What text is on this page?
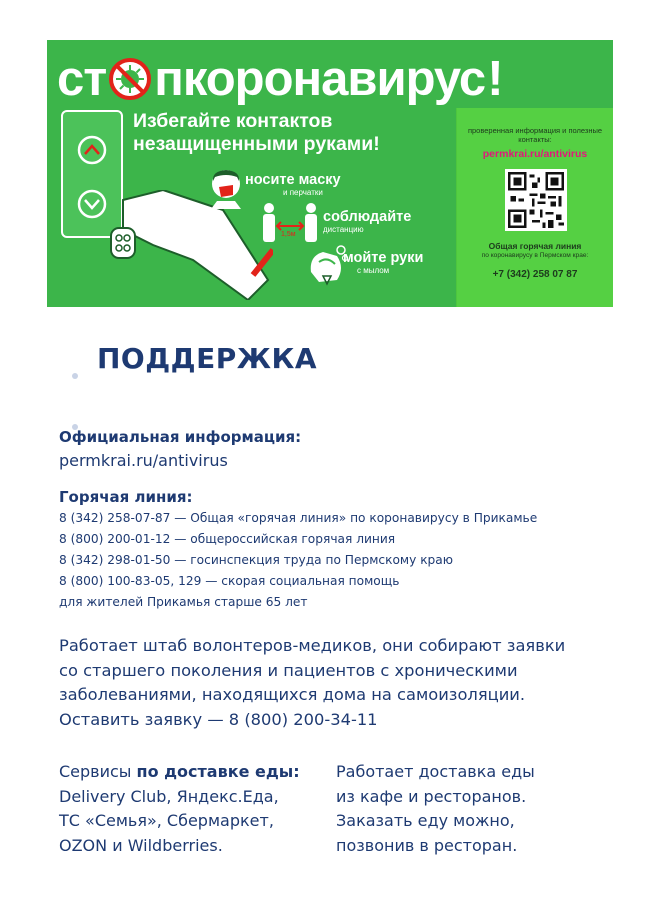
ст пкоронавирус!
Избегайте контактов
незащищенными руками!
носите маску
и перчатки
1,5м
соблюдайте
дистанцию
мойте руки
с мылом
проверенная информация и полезные контакты:
permkrai.ru/antivirus
Общая горячая линия
по коронавирусу в Пермском крае:
+7 (342) 258 07 87
ПОДДЕРЖКА
Официальная информация:
permkrai.ru/antivirus
Горячая линия:
8 (342) 258-07-87 — Общая «горячая линия» по коронавирусу в Прикамье
8 (800) 200-01-12 — общероссийская горячая линия
8 (342) 298-01-50 — госинспекция труда по Пермскому краю
8 (800) 100-83-05, 129 — скорая социальная помощь
для жителей Прикамья старше 65 лет
Работает штаб волонтеров-медиков, они собирают заявки
со старшего поколения и пациентов с хроническими
заболеваниями, находящихся дома на самоизоляции.
Оставить заявку — 8 (800) 200-34-11
Сервисы по доставке еды:
Delivery Club, Яндекс.Еда,
ТС «Семья», Сбермаркет,
OZON и Wildberries.
Работает доставка еды
из кафе и ресторанов.
Заказать еду можно,
позвонив в ресторан.
